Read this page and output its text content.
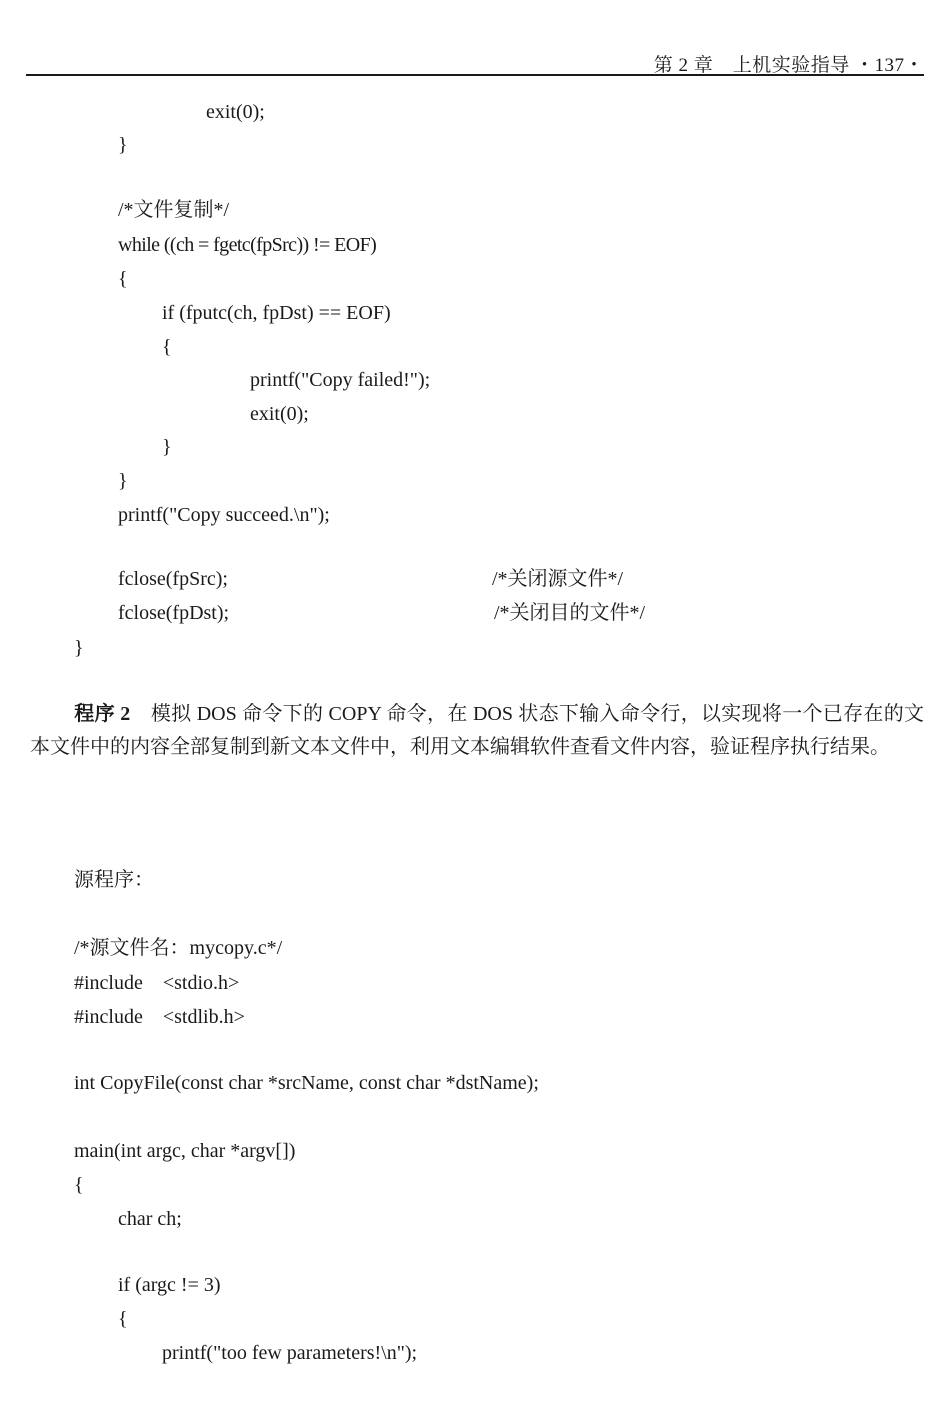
第 2 章　上机实验指导 ・137・
exit(0);
}
/*文件复制*/
while ((ch = fgetc(fpSrc)) != EOF)
{
if (fputc(ch, fpDst) == EOF)
{
printf("Copy failed!");
exit(0);
}
}
printf("Copy succeed.\n");
fclose(fpSrc);	/*关闭源文件*/
fclose(fpDst);	/*关闭目的文件*/
}
程序 2　 模拟 DOS 命令下的 COPY 命令，在 DOS 状态下输入命令行，以实现将一个已存在的文本文件中的内容全部复制到新文本文件中，利用文本编辑软件查看文件内容，验证程序执行结果。
源程序：
/*源文件名：mycopy.c*/
#include    <stdio.h>
#include    <stdlib.h>
int CopyFile(const char *srcName, const char *dstName);
main(int argc, char *argv[])
{
char ch;
if (argc != 3)
{
printf("too few parameters!\n");
